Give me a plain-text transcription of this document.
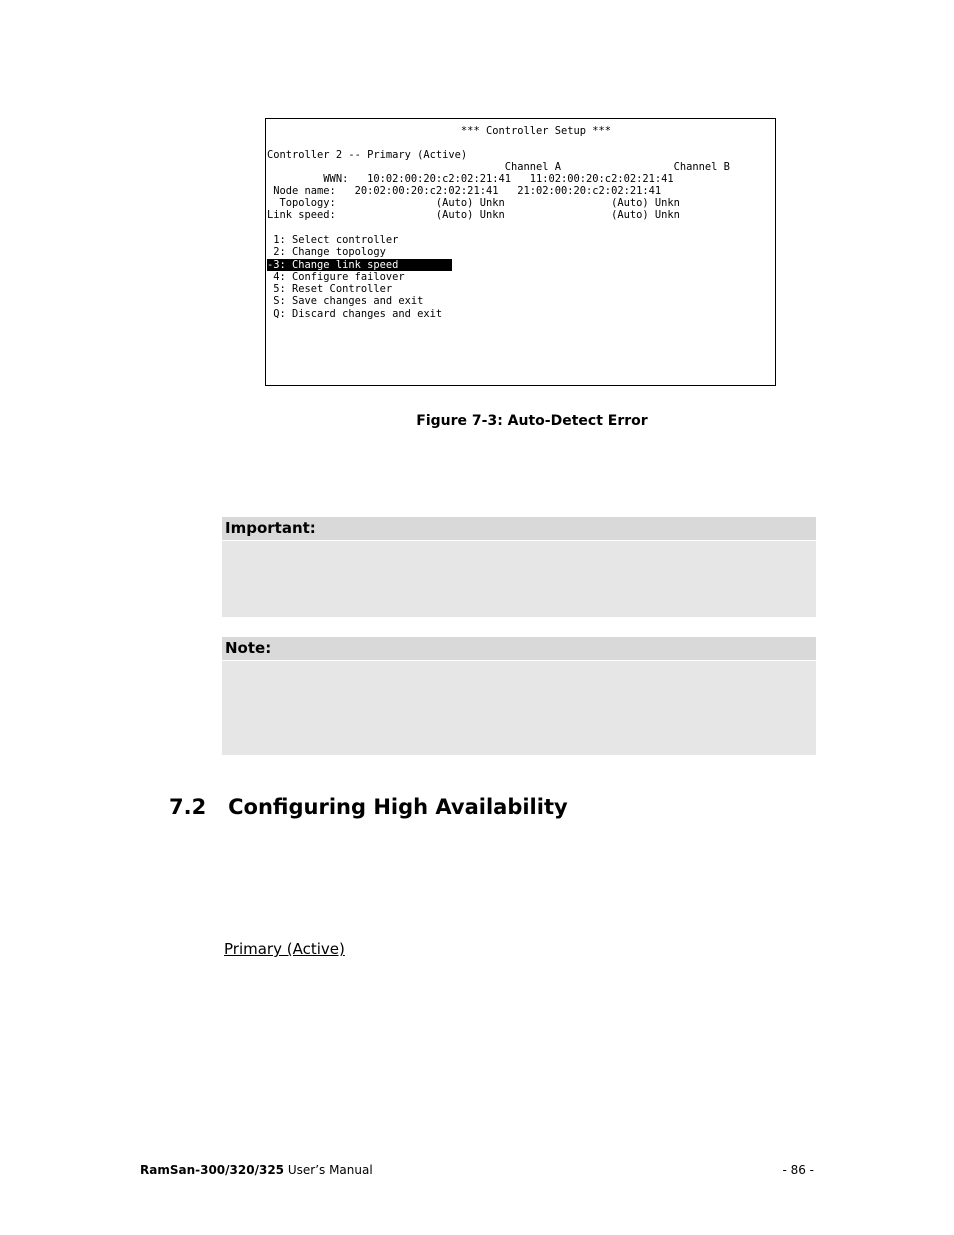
*** Controller Setup ***
Controller 2 -- Primary (Active)
Channel A                  Channel B
WWN:   10:02:00:20:c2:02:21:41   11:02:00:20:c2:02:21:41
Node name:   20:02:00:20:c2:02:21:41   21:02:00:20:c2:02:21:41
Topology:                (Auto) Unkn                 (Auto) Unkn
Link speed:                (Auto) Unkn                 (Auto) Unkn
1: Select controller
2: Change topology
-3: Change link speed
4: Configure failover
5: Reset Controller
S: Save changes and exit
Q: Discard changes and exit
Figure 7-3: Auto-Detect Error
Important:
Note:
7.2 Configuring High Availability
Primary (Active)
RamSan-300/320/325 User’s Manual	- 86 -
